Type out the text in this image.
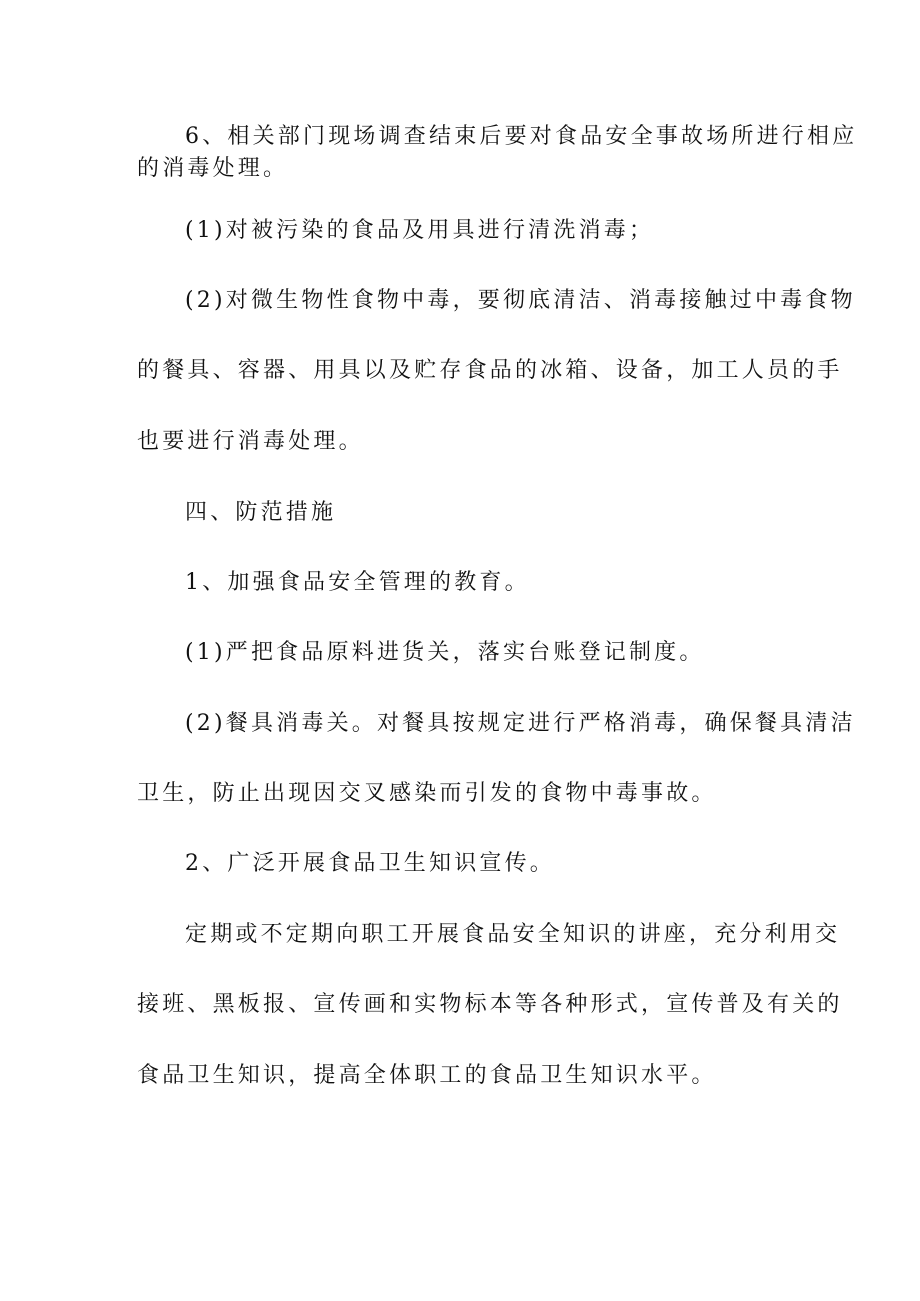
6、相关部门现场调查结束后要对食品安全事故场所进行相应
的消毒处理。
(1)对被污染的食品及用具进行清洗消毒；
(2)对微生物性食物中毒，要彻底清洁、消毒接触过中毒食物
的餐具、容器、用具以及贮存食品的冰箱、设备，加工人员的手
也要进行消毒处理。
四、防范措施
1、加强食品安全管理的教育。
(1)严把食品原料进货关，落实台账登记制度。
(2)餐具消毒关。对餐具按规定进行严格消毒，确保餐具清洁
卫生，防止出现因交叉感染而引发的食物中毒事故。
2、广泛开展食品卫生知识宣传。
定期或不定期向职工开展食品安全知识的讲座，充分利用交
接班、黑板报、宣传画和实物标本等各种形式，宣传普及有关的
食品卫生知识，提高全体职工的食品卫生知识水平。
